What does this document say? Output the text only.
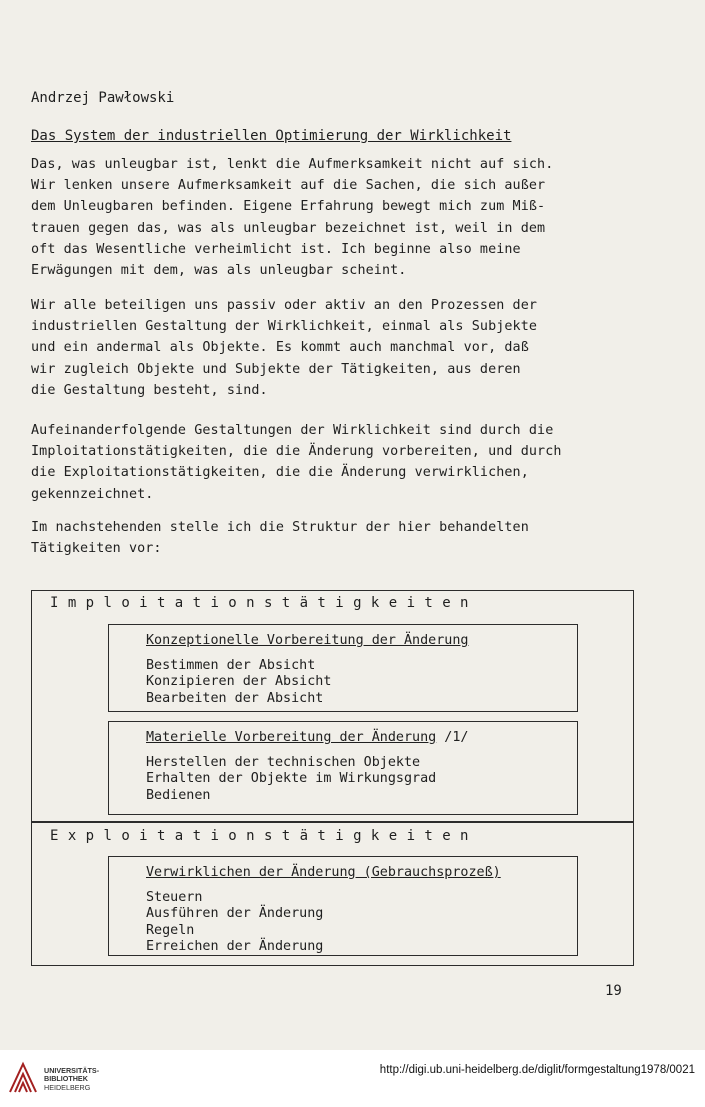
Andrzej Pawłowski
Das System der industriellen Optimierung der Wirklichkeit

Das, was unleugbar ist, lenkt die Aufmerksamkeit nicht auf sich.
Wir lenken unsere Aufmerksamkeit auf die Sachen, die sich außer
dem Unleugbaren befinden. Eigene Erfahrung bewegt mich zum Miß-
trauen gegen das, was als unleugbar bezeichnet ist, weil in dem
oft das Wesentliche verheimlicht ist. Ich beginne also meine
Erwägungen mit dem, was als unleugbar scheint.

Wir alle beteiligen uns passiv oder aktiv an den Prozessen der
industriellen Gestaltung der Wirklichkeit, einmal als Subjekte
und ein andermal als Objekte. Es kommt auch manchmal vor, daß
wir zugleich Objekte und Subjekte der Tätigkeiten, aus deren
die Gestaltung besteht, sind.

Aufeinanderfolgende Gestaltungen der Wirklichkeit sind durch die
Imploitationstätigkeiten, die die Änderung vorbereiten, und durch
die Exploitationstätigkeiten, die die Änderung verwirklichen,
gekennzeichnet.

Im nachstehenden stelle ich die Struktur der hier behandelten
Tätigkeiten vor:

Imploitationstätigkeiten
Konzeptionelle Vorbereitung der Änderung
Bestimmen der Absicht
Konzipieren der Absicht
Bearbeiten der Absicht
Materielle Vorbereitung der Änderung /1/
Herstellen der technischen Objekte
Erhalten der Objekte im Wirkungsgrad
Bedienen
Exploitationstätigkeiten
Verwirklichen der Änderung (Gebrauchsprozeß)
Steuern
Ausführen der Änderung
Regeln
Erreichen der Änderung
19
UNIVERSITÄTS-
BIBLIOTHEK
HEIDELBERG
http://digi.ub.uni-heidelberg.de/diglit/formgestaltung1978/0021
